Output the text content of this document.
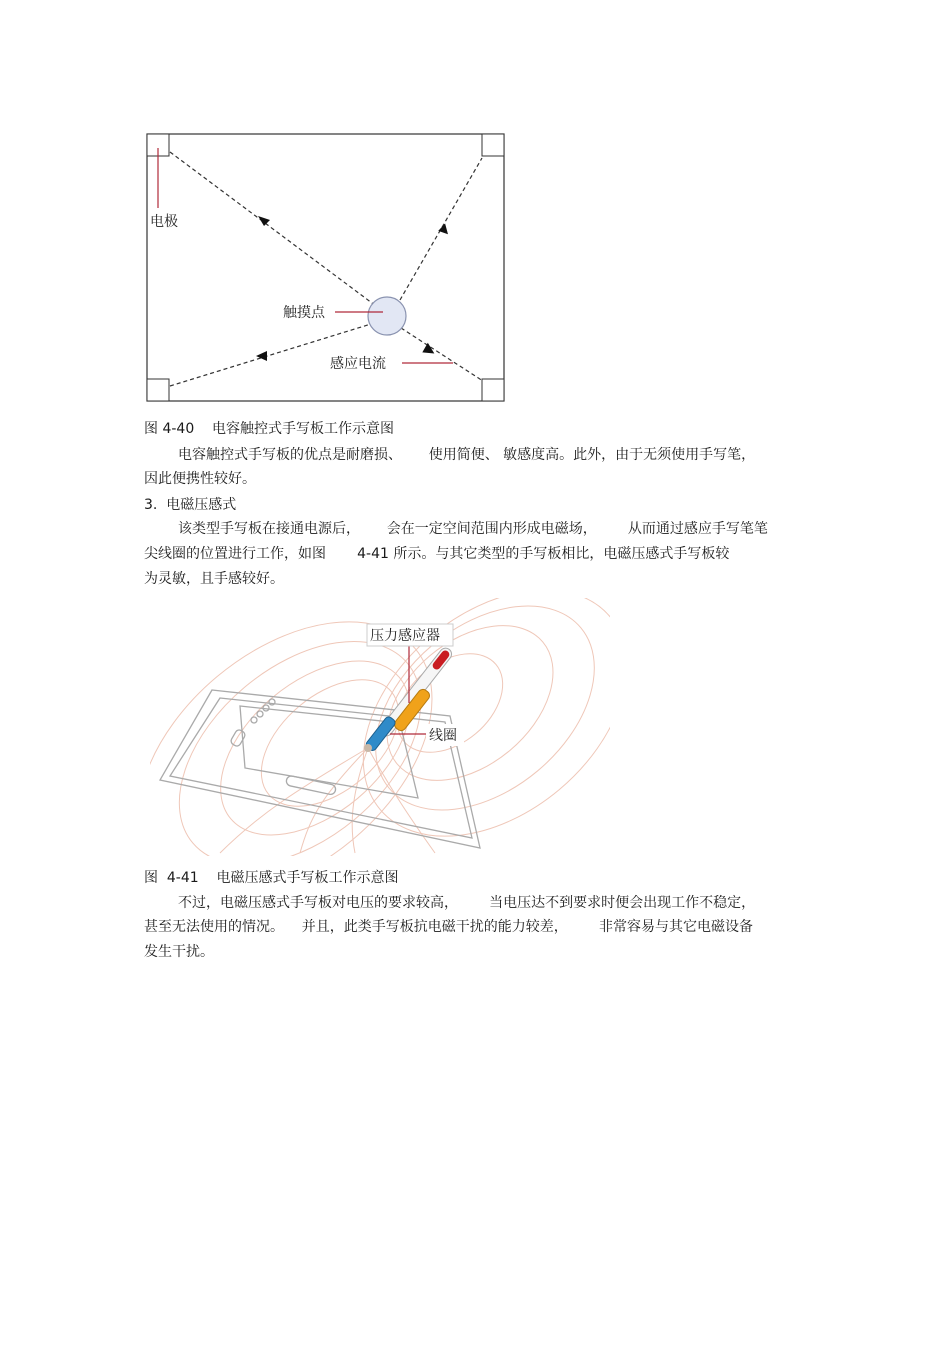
电极
触摸点
感应电流
图 4-40    电容触控式手写板工作示意图
电容触控式手写板的优点是耐磨损、      使用简便、 敏感度高。此外，由于无须使用手写笔，
因此便携性较好。
3.  电磁压感式
该类型手写板在接通电源后，      会在一定空间范围内形成电磁场，       从而通过感应手写笔笔
尖线圈的位置进行工作，如图       4-41 所示。与其它类型的手写板相比，电磁压感式手写板较
为灵敏，且手感较好。
压力感应器
线圈
图  4-41    电磁压感式手写板工作示意图
不过，电磁压感式手写板对电压的要求较高，       当电压达不到要求时便会出现工作不稳定，
甚至无法使用的情况。    并且，此类手写板抗电磁干扰的能力较差，       非常容易与其它电磁设备
发生干扰。
